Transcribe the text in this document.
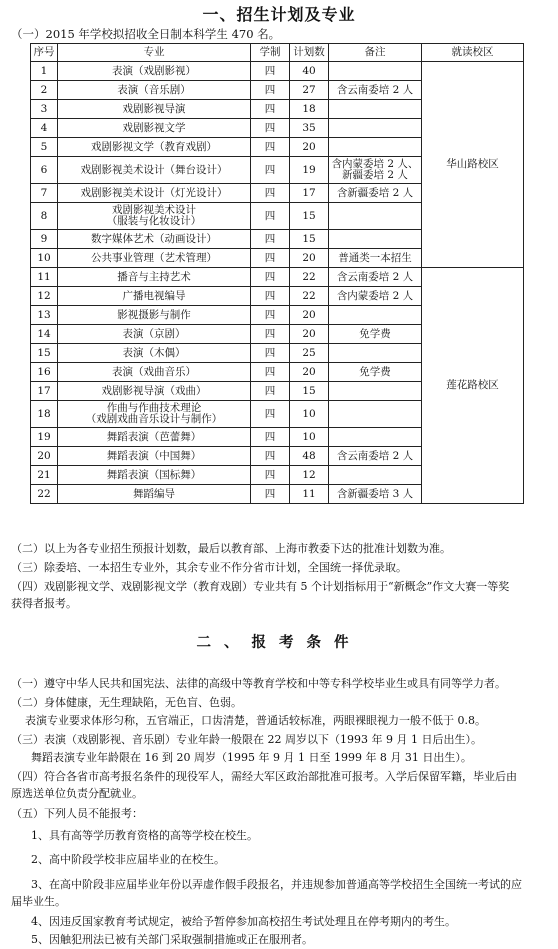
一、招生计划及专业
（一）2015 年学校拟招收全日制本科学生 470 名。
序号	专业	学制	计划数	备注	就读校区
1	表演（戏剧影视）	四	40		华山路校区
2	表演（音乐剧）	四	27	含云南委培 2 人	
3	戏剧影视导演	四	18		
4	戏剧影视文学	四	35		
5	戏剧影视文学（教育戏剧）	四	20		
6	戏剧影视美术设计（舞台设计）	四	19	含内蒙委培 2 人、
新疆委培 2 人	
7	戏剧影视美术设计（灯光设计）	四	17	含新疆委培 2 人	
8	戏剧影视美术设计
（服装与化妆设计）	四	15		
9	数字媒体艺术（动画设计）	四	15		
10	公共事业管理（艺术管理）	四	20	普通类一本招生	
11	播音与主持艺术	四	22	含云南委培 2 人	莲花路校区
12	广播电视编导	四	22	含内蒙委培 2 人	
13	影视摄影与制作	四	20		
14	表演（京剧）	四	20	免学费	
15	表演（木偶）	四	25		
16	表演（戏曲音乐）	四	20	免学费	
17	戏剧影视导演（戏曲）	四	15		
18	作曲与作曲技术理论
（戏剧戏曲音乐设计与制作）	四	10		
19	舞蹈表演（芭蕾舞）	四	10		
20	舞蹈表演（中国舞）	四	48	含云南委培 2 人	
21	舞蹈表演（国标舞）	四	12		
22	舞蹈编导	四	11	含新疆委培 3 人	
（二）以上为各专业招生预报计划数，最后以教育部、上海市教委下达的批准计划数为准。
（三）除委培、一本招生专业外，其余专业不作分省市计划，全国统一择优录取。
（四）戏剧影视文学、戏剧影视文学（教育戏剧）专业共有 5 个计划指标用于“新概念”作文大赛一等奖
获得者报考。
二、报考条件
（一）遵守中华人民共和国宪法、法律的高级中等教育学校和中等专科学校毕业生或具有同等学力者。
（二）身体健康，无生理缺陷，无色盲、色弱。
表演专业要求体形匀称，五官端正，口齿清楚，普通话较标准，两眼裸眼视力一般不低于 0.8。
（三）表演（戏剧影视、音乐剧）专业年龄一般限在 22 周岁以下（1993 年 9 月 1 日后出生）。
舞蹈表演专业年龄限在 16 到 20 周岁（1995 年 9 月 1 日至 1999 年 8 月 31 日出生）。
（四）符合各省市高考报名条件的现役军人，需经大军区政治部批准可报考。入学后保留军籍，毕业后由
原选送单位负责分配就业。
（五）下列人员不能报考：
1、具有高等学历教育资格的高等学校在校生。
2、高中阶段学校非应届毕业的在校生。
3、在高中阶段非应届毕业年份以弄虚作假手段报名，并违规参加普通高等学校招生全国统一考试的应
届毕业生。
4、因违反国家教育考试规定，被给予暂停参加高校招生考试处理且在停考期内的考生。
5、因触犯刑法已被有关部门采取强制措施或正在服刑者。
